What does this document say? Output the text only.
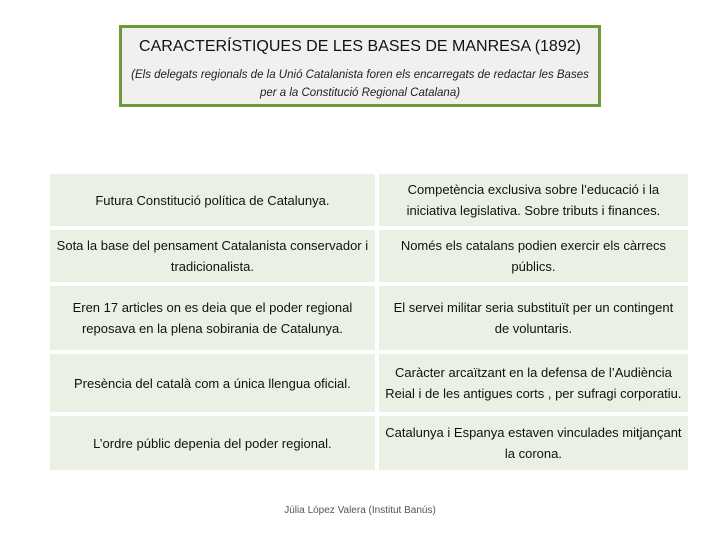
CARACTERÍSTIQUES DE LES BASES DE MANRESA (1892)
(Els delegats regionals de la Unió Catalanista foren els encarregats de redactar les Bases per a la Constitució Regional Catalana)
Futura Constitució política de Catalunya.	Competència exclusiva sobre l’educació i la iniciativa legislativa. Sobre tributs i finances.
Sota la base del pensament Catalanista conservador i tradicionalista.	Només els catalans podien exercir els càrrecs públics.
Eren 17 articles on es deia que el poder regional reposava en la plena sobirania de Catalunya.	El servei militar seria substituït per un contingent de voluntaris.
Presència del català com a única llengua oficial.	Caràcter arcaïtzant en la defensa de l’Audiència Reial i de les antigues corts , per sufragi corporatiu.
L’ordre públic depenia del poder regional.	Catalunya i Espanya estaven vinculades mitjançant la corona.
Júlia López Valera (Institut Banús)
